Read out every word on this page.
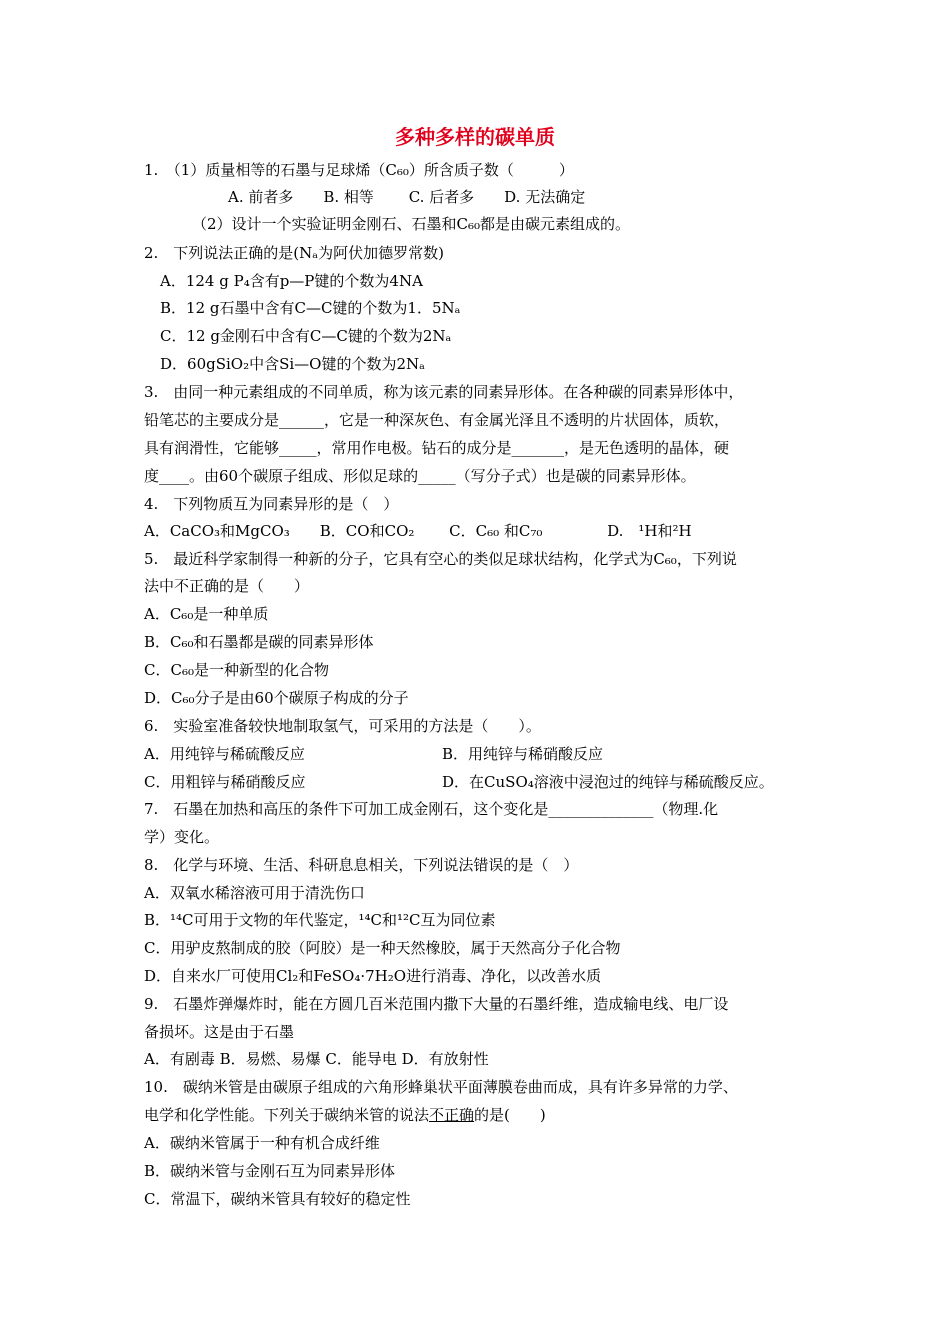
多种多样的碳单质
1.　（1）质量相等的石墨与足球烯（C₆₀）所含质子数（　　　）
A. 前者多　　B. 相等　　 C. 后者多　　D. 无法确定
（2）设计一个实验证明金刚石、石墨和C₆₀都是由碳元素组成的。
2.　下列说法正确的是(Nₐ为阿伏加德罗常数)
A．124 g P₄含有p—P键的个数为4NA
B．12 g石墨中含有C—C键的个数为1．5Nₐ
C．12 g金刚石中含有C—C键的个数为2Nₐ
D．60gSiO₂中含Si—O键的个数为2Nₐ
3.　由同一种元素组成的不同单质，称为该元素的同素异形体。在各种碳的同素异形体中，
铅笔芯的主要成分是______，它是一种深灰色、有金属光泽且不透明的片状固体，质软，
具有润滑性，它能够_____，常用作电极。钻石的成分是_______，是无色透明的晶体，硬
度____。由60个碳原子组成、形似足球的_____（写分子式）也是碳的同素异形体。
4.　下列物质互为同素异形的是（　）
A．CaCO₃和MgCO₃　　B．CO和CO₂　　 C．C₆₀ 和C₇₀　　　　 D.　¹H和²H
5.　最近科学家制得一种新的分子，它具有空心的类似足球状结构，化学式为C₆₀，下列说
法中不正确的是（　　）
A．C₆₀是一种单质
B．C₆₀和石墨都是碳的同素异形体
C．C₆₀是一种新型的化合物
D．C₆₀分子是由60个碳原子构成的分子
6.　实验室准备较快地制取氢气，可采用的方法是（　　）。
A．用纯锌与稀硫酸反应	B．用纯锌与稀硝酸反应
C．用粗锌与稀硝酸反应	D．在CuSO₄溶液中浸泡过的纯锌与稀硫酸反应。
7.　石墨在加热和高压的条件下可加工成金刚石，这个变化是______________（物理.化
学）变化。
8.　化学与环境、生活、科研息息相关，下列说法错误的是（　）
A．双氧水稀溶液可用于清洗伤口
B．¹⁴C可用于文物的年代鉴定，¹⁴C和¹²C互为同位素
C．用驴皮熬制成的胶（阿胶）是一种天然橡胶，属于天然高分子化合物
D．自来水厂可使用Cl₂和FeSO₄·7H₂O进行消毒、净化，以改善水质
9.　石墨炸弹爆炸时，能在方圆几百米范围内撒下大量的石墨纤维，造成输电线、电厂设
备损坏。这是由于石墨
A．有剧毒 B．易燃、易爆 C．能导电 D．有放射性
10.　碳纳米管是由碳原子组成的六角形蜂巢状平面薄膜卷曲而成，具有许多异常的力学、
电学和化学性能。下列关于碳纳米管的说法不正确的是(　　)
A．碳纳米管属于一种有机合成纤维
B．碳纳米管与金刚石互为同素异形体
C．常温下，碳纳米管具有较好的稳定性
